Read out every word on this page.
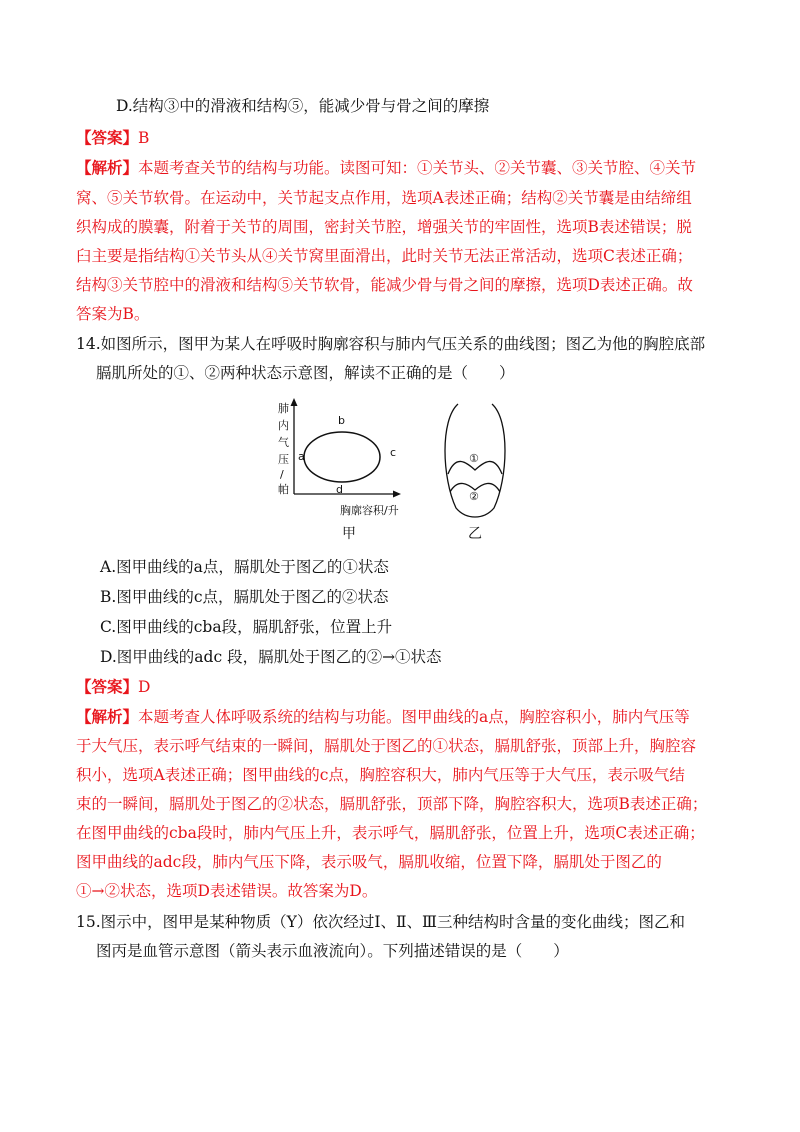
D.结构③中的滑液和结构⑤，能减少骨与骨之间的摩擦
【答案】B
【解析】本题考查关节的结构与功能。读图可知：①关节头、②关节囊、③关节腔、④关节
窝、⑤关节软骨。在运动中，关节起支点作用，选项A表述正确；结构②关节囊是由结缔组
织构成的膜囊，附着于关节的周围，密封关节腔，增强关节的牢固性，选项B表述错误；脱
臼主要是指结构①关节头从④关节窝里面滑出，此时关节无法正常活动，选项C表述正确；
结构③关节腔中的滑液和结构⑤关节软骨，能减少骨与骨之间的摩擦，选项D表述正确。故
答案为B。
14.如图所示，图甲为某人在呼吸时胸廓容积与肺内气压关系的曲线图；图乙为他的胸腔底部
膈肌所处的①、②两种状态示意图，解读不正确的是（　　）
肺
内
气
压
/
帕
胸廓容积/升
a
b
c
d
甲
①
②
乙
A.图甲曲线的a点，膈肌处于图乙的①状态
B.图甲曲线的c点，膈肌处于图乙的②状态
C.图甲曲线的cba段，膈肌舒张，位置上升
D.图甲曲线的adc 段，膈肌处于图乙的②→①状态
【答案】D
【解析】本题考查人体呼吸系统的结构与功能。图甲曲线的a点，胸腔容积小，肺内气压等
于大气压，表示呼气结束的一瞬间，膈肌处于图乙的①状态，膈肌舒张，顶部上升，胸腔容
积小，选项A表述正确；图甲曲线的c点，胸腔容积大，肺内气压等于大气压，表示吸气结
束的一瞬间，膈肌处于图乙的②状态，膈肌舒张，顶部下降，胸腔容积大，选项B表述正确；
在图甲曲线的cba段时，肺内气压上升，表示呼气，膈肌舒张，位置上升，选项C表述正确；
图甲曲线的adc段，肺内气压下降，表示吸气，膈肌收缩，位置下降，膈肌处于图乙的
①→②状态，选项D表述错误。故答案为D。
15.图示中，图甲是某种物质（Y）依次经过Ⅰ、Ⅱ、Ⅲ三种结构时含量的变化曲线；图乙和
图丙是血管示意图（箭头表示血液流向）。下列描述错误的是（　　）
